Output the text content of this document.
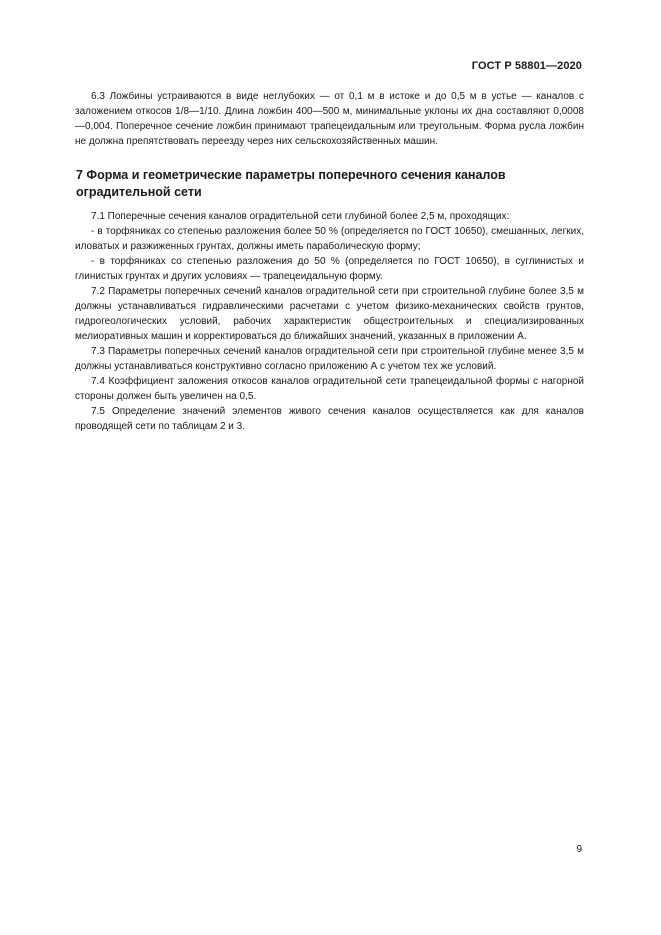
ГОСТ Р 58801—2020

6.3 Ложбины устраиваются в виде неглубоких — от 0,1 м в истоке и до 0,5 м в устье — каналов с заложением откосов 1/8—1/10. Длина ложбин 400—500 м, минимальные уклоны их дна составляют 0,0008—0,004. Поперечное сечение ложбин принимают трапецеидальным или треугольным. Форма русла ложбин не должна препятствовать переезду через них сельскохозяйственных машин.

7 Форма и геометрические параметры поперечного сечения каналов
оградительной сети

7.1 Поперечные сечения каналов оградительной сети глубиной более 2,5 м, проходящих:

- в торфяниках со степенью разложения более 50 % (определяется по ГОСТ 10650), смешанных, легких, иловатых и разжиженных грунтах, должны иметь параболическую форму;

- в торфяниках со степенью разложения до 50 % (определяется по ГОСТ 10650), в суглинистых и глинистых грунтах и других условиях — трапецеидальную форму.

7.2 Параметры поперечных сечений каналов оградительной сети при строительной глубине более 3,5 м должны устанавливаться гидравлическими расчетами с учетом физико-механических свойств грунтов, гидрогеологических условий, рабочих характеристик общестроительных и специализированных мелиоративных машин и корректироваться до ближайших значений, указанных в приложении А.

7.3 Параметры поперечных сечений каналов оградительной сети при строительной глубине менее 3,5 м должны устанавливаться конструктивно согласно приложению А с учетом тех же условий.

7.4 Коэффициент заложения откосов каналов оградительной сети трапецеидальной формы с нагорной стороны должен быть увеличен на 0,5.

7.5 Определение значений элементов живого сечения каналов осуществляется как для каналов проводящей сети по таблицам 2 и 3.

9
